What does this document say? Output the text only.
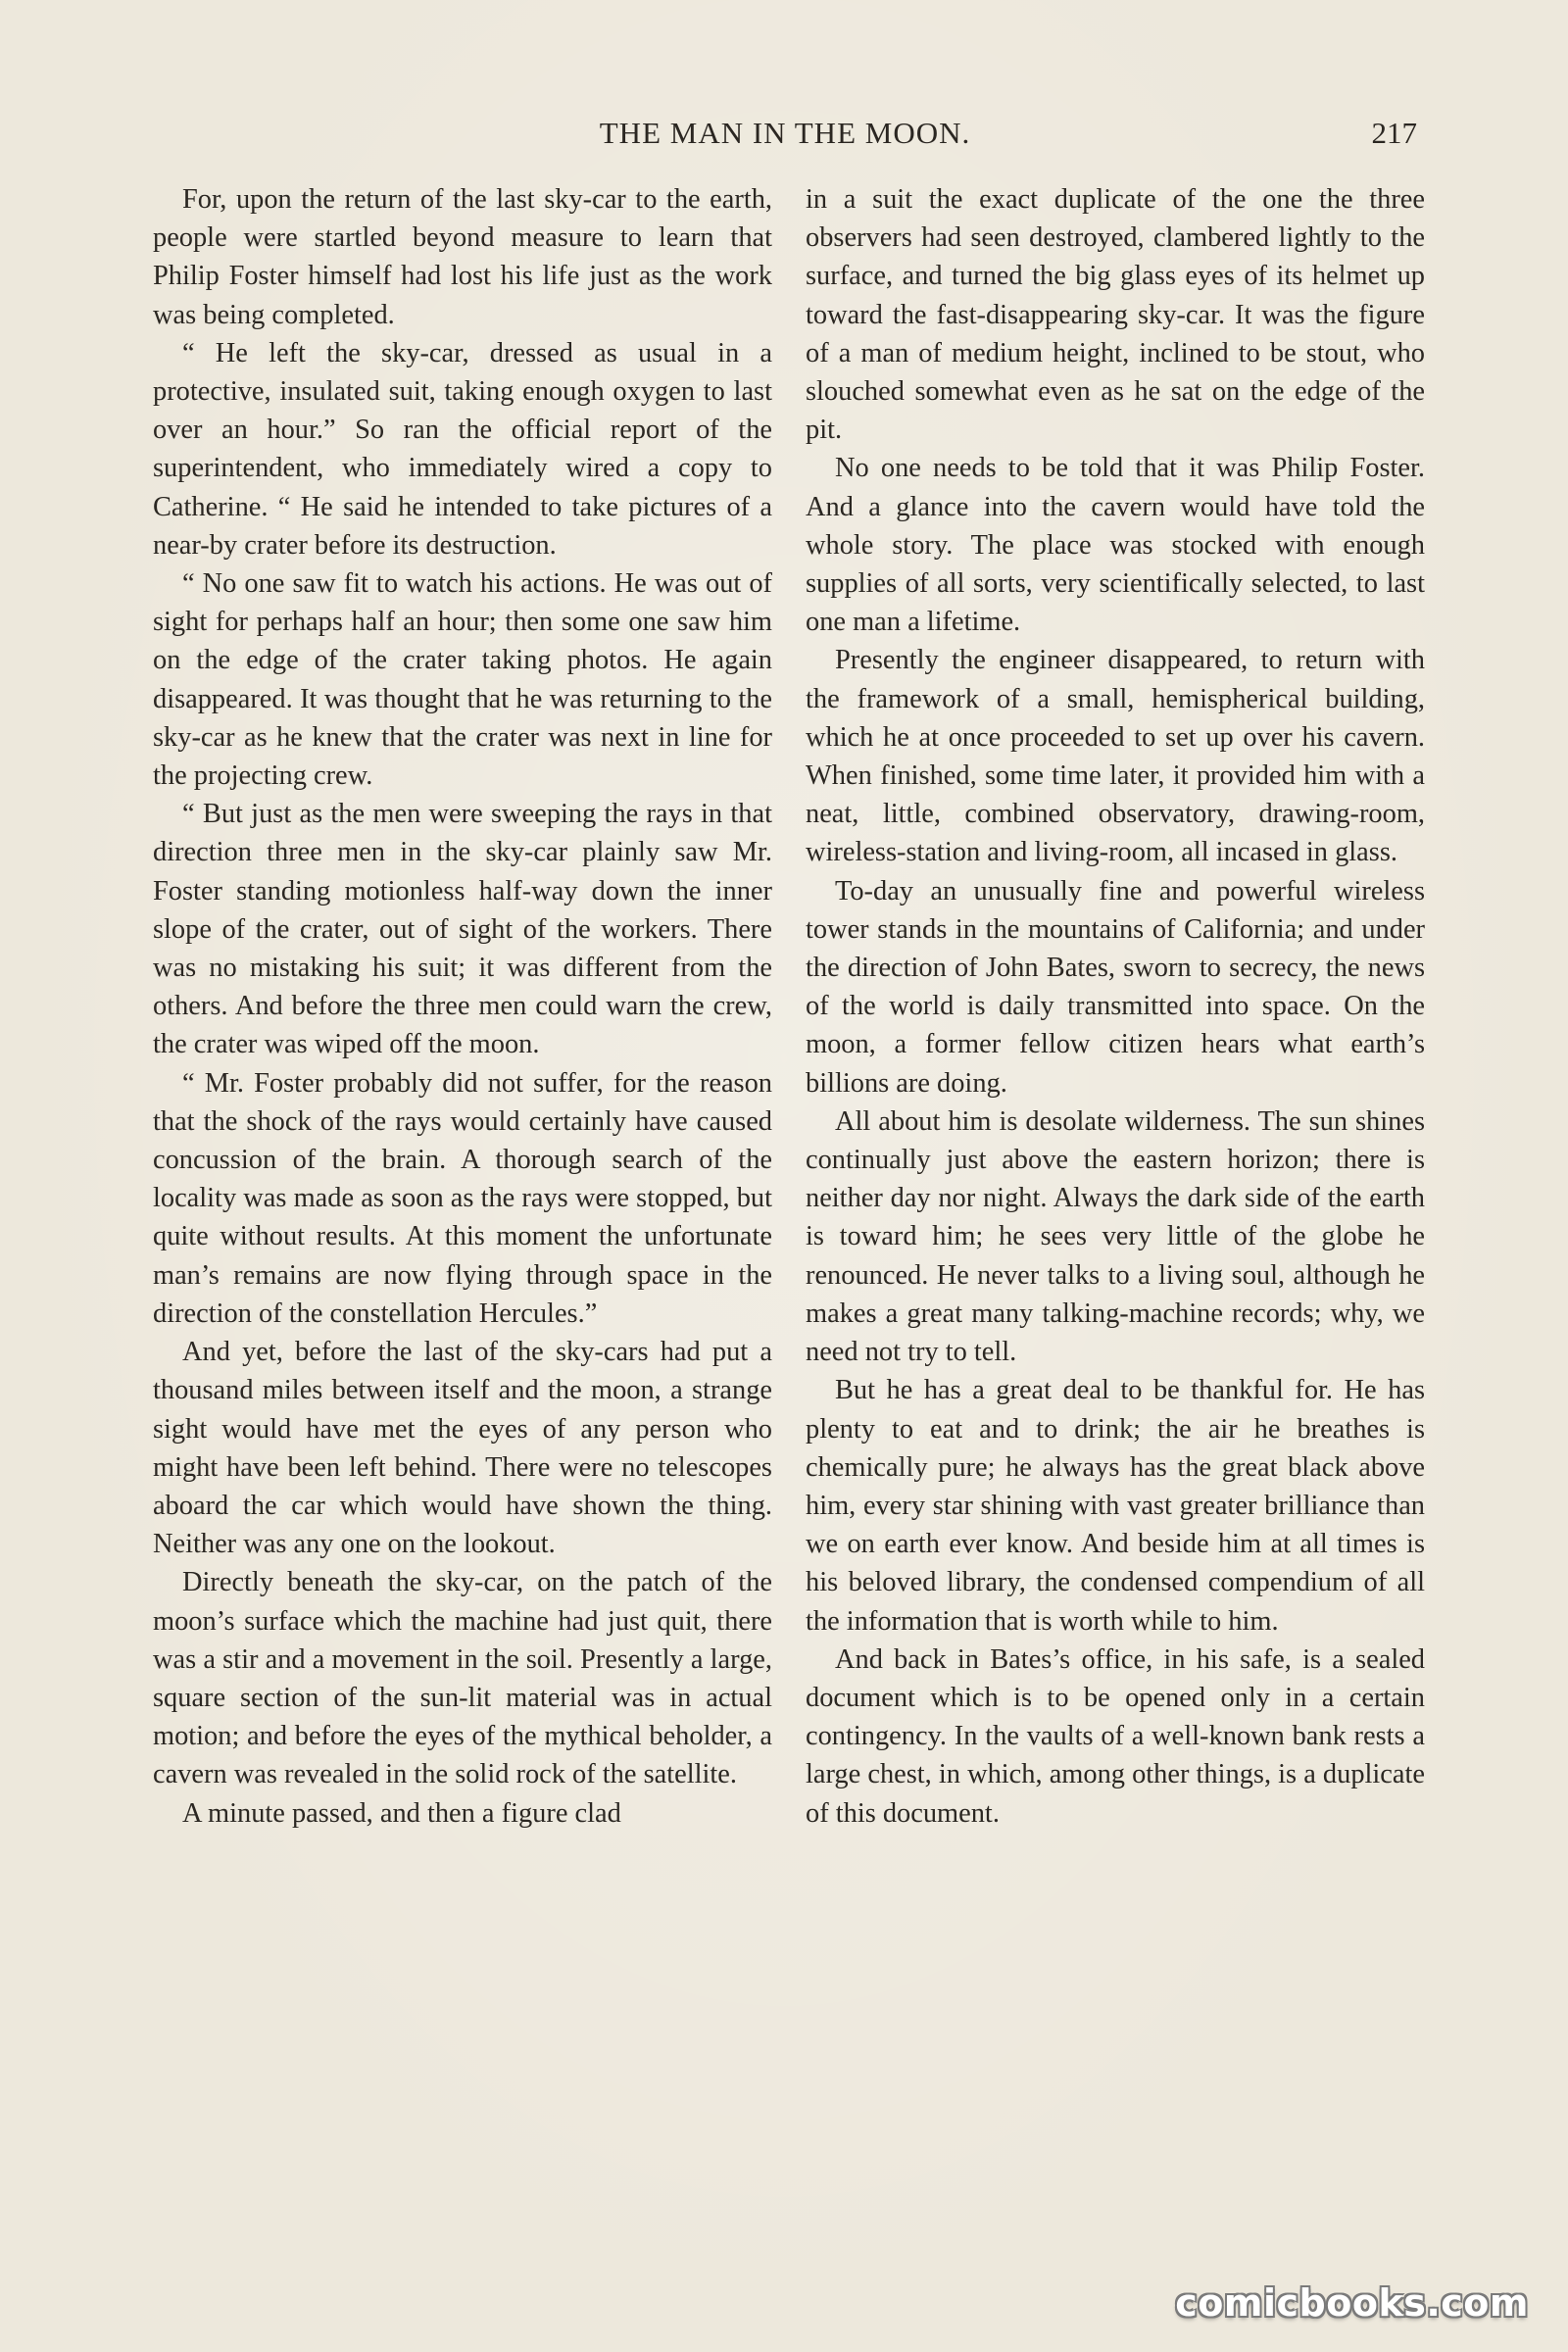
THE MAN IN THE MOON.	217

For, upon the return of the last sky-car to the earth, people were startled beyond measure to learn that Philip Foster himself had lost his life just as the work was being completed.

“ He left the sky-car, dressed as usual in a protective, insulated suit, taking enough oxygen to last over an hour.” So ran the official report of the superintendent, who immediately wired a copy to Catherine. “ He said he intended to take pictures of a near-by crater before its destruction.

“ No one saw fit to watch his actions. He was out of sight for perhaps half an hour; then some one saw him on the edge of the crater taking photos. He again disappeared. It was thought that he was returning to the sky-car as he knew that the crater was next in line for the projecting crew.

“ But just as the men were sweeping the rays in that direction three men in the sky-car plainly saw Mr. Foster standing motionless half-way down the inner slope of the crater, out of sight of the workers. There was no mistaking his suit; it was different from the others. And before the three men could warn the crew, the crater was wiped off the moon.

“ Mr. Foster probably did not suffer, for the reason that the shock of the rays would certainly have caused concussion of the brain. A thorough search of the locality was made as soon as the rays were stopped, but quite without results. At this moment the unfortunate man’s remains are now flying through space in the direction of the constellation Hercules.”

And yet, before the last of the sky-cars had put a thousand miles between itself and the moon, a strange sight would have met the eyes of any person who might have been left behind. There were no telescopes aboard the car which would have shown the thing. Neither was any one on the lookout.

Directly beneath the sky-car, on the patch of the moon’s surface which the machine had just quit, there was a stir and a movement in the soil. Presently a large, square section of the sun-lit material was in actual motion; and before the eyes of the mythical beholder, a cavern was revealed in the solid rock of the satellite.

A minute passed, and then a figure clad

in a suit the exact duplicate of the one the three observers had seen destroyed, clambered lightly to the surface, and turned the big glass eyes of its helmet up toward the fast-disappearing sky-car. It was the figure of a man of medium height, inclined to be stout, who slouched somewhat even as he sat on the edge of the pit.

No one needs to be told that it was Philip Foster. And a glance into the cavern would have told the whole story. The place was stocked with enough supplies of all sorts, very scientifically selected, to last one man a lifetime.

Presently the engineer disappeared, to return with the framework of a small, hemispherical building, which he at once proceeded to set up over his cavern. When finished, some time later, it provided him with a neat, little, combined observatory, drawing-room, wireless-station and living-room, all incased in glass.

To-day an unusually fine and powerful wireless tower stands in the mountains of California; and under the direction of John Bates, sworn to secrecy, the news of the world is daily transmitted into space. On the moon, a former fellow citizen hears what earth’s billions are doing.

All about him is desolate wilderness. The sun shines continually just above the eastern horizon; there is neither day nor night. Always the dark side of the earth is toward him; he sees very little of the globe he renounced. He never talks to a living soul, although he makes a great many talking-machine records; why, we need not try to tell.

But he has a great deal to be thankful for. He has plenty to eat and to drink; the air he breathes is chemically pure; he always has the great black above him, every star shining with vast greater brilliance than we on earth ever know. And beside him at all times is his beloved library, the condensed compendium of all the information that is worth while to him.

And back in Bates’s office, in his safe, is a sealed document which is to be opened only in a certain contingency. In the vaults of a well-known bank rests a large chest, in which, among other things, is a duplicate of this document.

comicbooks.com
